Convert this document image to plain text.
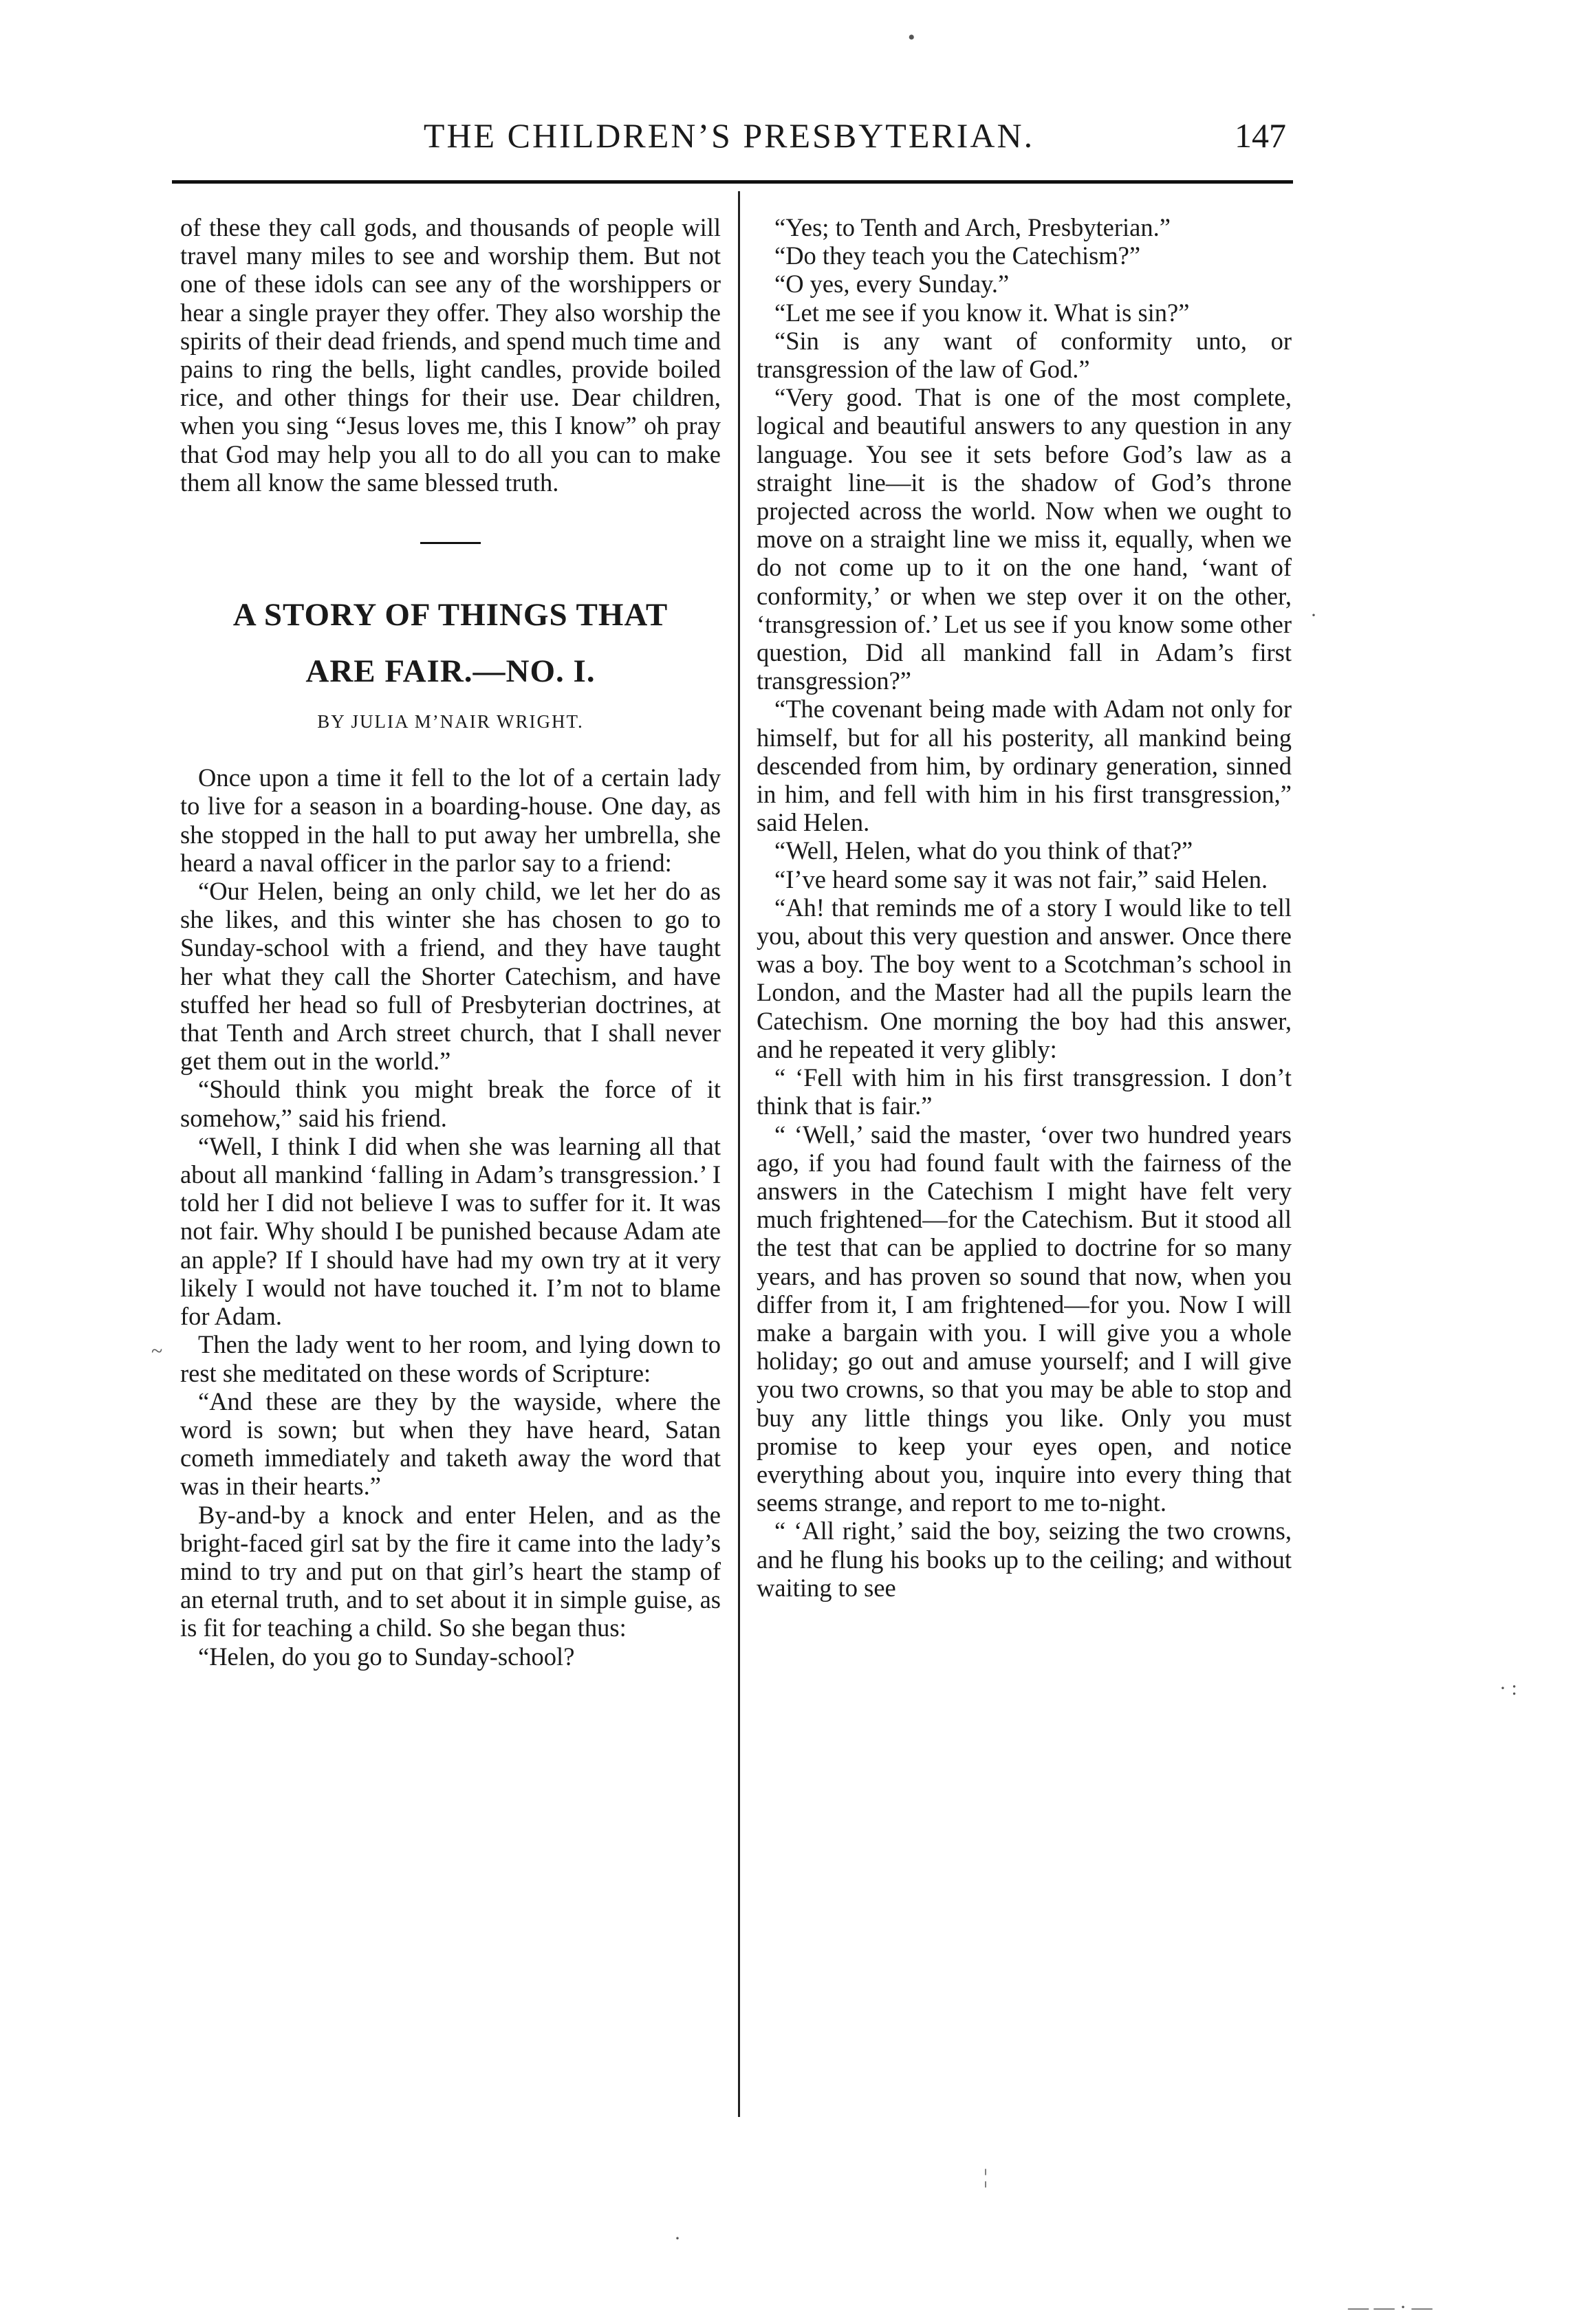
THE CHILDREN’S PRESBYTERIAN.	147

of these they call gods, and thousands of people will travel many miles to see and worship them. But not one of these idols can see any of the worshippers or hear a single prayer they offer. They also worship the spirits of their dead friends, and spend much time and pains to ring the bells, light candles, provide boiled rice, and other things for their use. Dear children, when you sing “Jesus loves me, this I know” oh pray that God may help you all to do all you can to make them all know the same blessed truth.

A STORY OF THINGS THAT
ARE FAIR.—NO. I.
BY JULIA M’NAIR WRIGHT.

Once upon a time it fell to the lot of a certain lady to live for a season in a boarding-house. One day, as she stopped in the hall to put away her umbrella, she heard a naval officer in the parlor say to a friend:

“Our Helen, being an only child, we let her do as she likes, and this winter she has chosen to go to Sunday-school with a friend, and they have taught her what they call the Shorter Catechism, and have stuffed her head so full of Presbyterian doctrines, at that Tenth and Arch street church, that I shall never get them out in the world.”

“Should think you might break the force of it somehow,” said his friend.

“Well, I think I did when she was learning all that about all mankind ‘falling in Adam’s transgression.’ I told her I did not believe I was to suffer for it. It was not fair. Why should I be punished because Adam ate an apple? If I should have had my own try at it very likely I would not have touched it. I’m not to blame for Adam.

Then the lady went to her room, and lying down to rest she meditated on these words of Scripture:

“And these are they by the wayside, where the word is sown; but when they have heard, Satan cometh immediately and taketh away the word that was in their hearts.”

By-and-by a knock and enter Helen, and as the bright-faced girl sat by the fire it came into the lady’s mind to try and put on that girl’s heart the stamp of an eternal truth, and to set about it in simple guise, as is fit for teaching a child. So she began thus:

“Helen, do you go to Sunday-school?

“Yes; to Tenth and Arch, Presbyterian.”

“Do they teach you the Catechism?”

“O yes, every Sunday.”

“Let me see if you know it. What is sin?”

“Sin is any want of conformity unto, or transgression of the law of God.”

“Very good. That is one of the most complete, logical and beautiful answers to any question in any language. You see it sets before God’s law as a straight line—it is the shadow of God’s throne projected across the world. Now when we ought to move on a straight line we miss it, equally, when we do not come up to it on the one hand, ‘want of conformity,’ or when we step over it on the other, ‘transgression of.’ Let us see if you know some other question, Did all mankind fall in Adam’s first transgression?”

“The covenant being made with Adam not only for himself, but for all his posterity, all mankind being descended from him, by ordinary generation, sinned in him, and fell with him in his first transgression,” said Helen.

“Well, Helen, what do you think of that?”

“I’ve heard some say it was not fair,” said Helen.

“Ah! that reminds me of a story I would like to tell you, about this very question and answer. Once there was a boy. The boy went to a Scotchman’s school in London, and the Master had all the pupils learn the Catechism. One morning the boy had this answer, and he repeated it very glibly:

“ ‘Fell with him in his first transgression. I don’t think that is fair.”

“ ‘Well,’ said the master, ‘over two hundred years ago, if you had found fault with the fairness of the answers in the Catechism I might have felt very much frightened—for the Catechism. But it stood all the test that can be applied to doctrine for so many years, and has proven so sound that now, when you differ from it, I am frightened—for you. Now I will make a bargain with you. I will give you a whole holiday; go out and amuse yourself; and I will give you two crowns, so that you may be able to stop and buy any little things you like. Only you must promise to keep your eyes open, and notice everything about you, inquire into every thing that seems strange, and report to me to-night.

“ ‘All right,’ said the boy, seizing the two crowns, and he flung his books up to the ceiling; and without waiting to see

•
~
·
· :
¦
·
— — · —
